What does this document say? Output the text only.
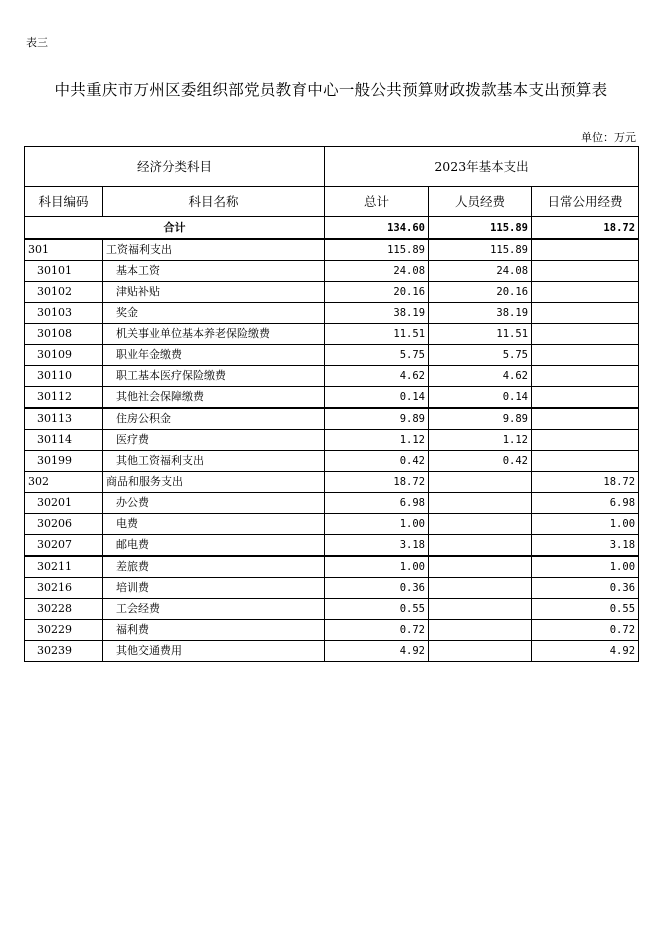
表三
中共重庆市万州区委组织部党员教育中心一般公共预算财政拨款基本支出预算表
单位：万元
经济分类科目		2023年基本支出		
科目编码	科目名称	总计	人员经费	日常公用经费
合计		134.60	115.89	18.72
301	工资福利支出	115.89	115.89	
30101	基本工资	24.08	24.08	
30102	津贴补贴	20.16	20.16	
30103	奖金	38.19	38.19	
30108	机关事业单位基本养老保险缴费	11.51	11.51	
30109	职业年金缴费	5.75	5.75	
30110	职工基本医疗保险缴费	4.62	4.62	
30112	其他社会保障缴费	0.14	0.14	
30113	住房公积金	9.89	9.89	
30114	医疗费	1.12	1.12	
30199	其他工资福利支出	0.42	0.42	
302	商品和服务支出	18.72		18.72
30201	办公费	6.98		6.98
30206	电费	1.00		1.00
30207	邮电费	3.18		3.18
30211	差旅费	1.00		1.00
30216	培训费	0.36		0.36
30228	工会经费	0.55		0.55
30229	福利费	0.72		0.72
30239	其他交通费用	4.92		4.92
